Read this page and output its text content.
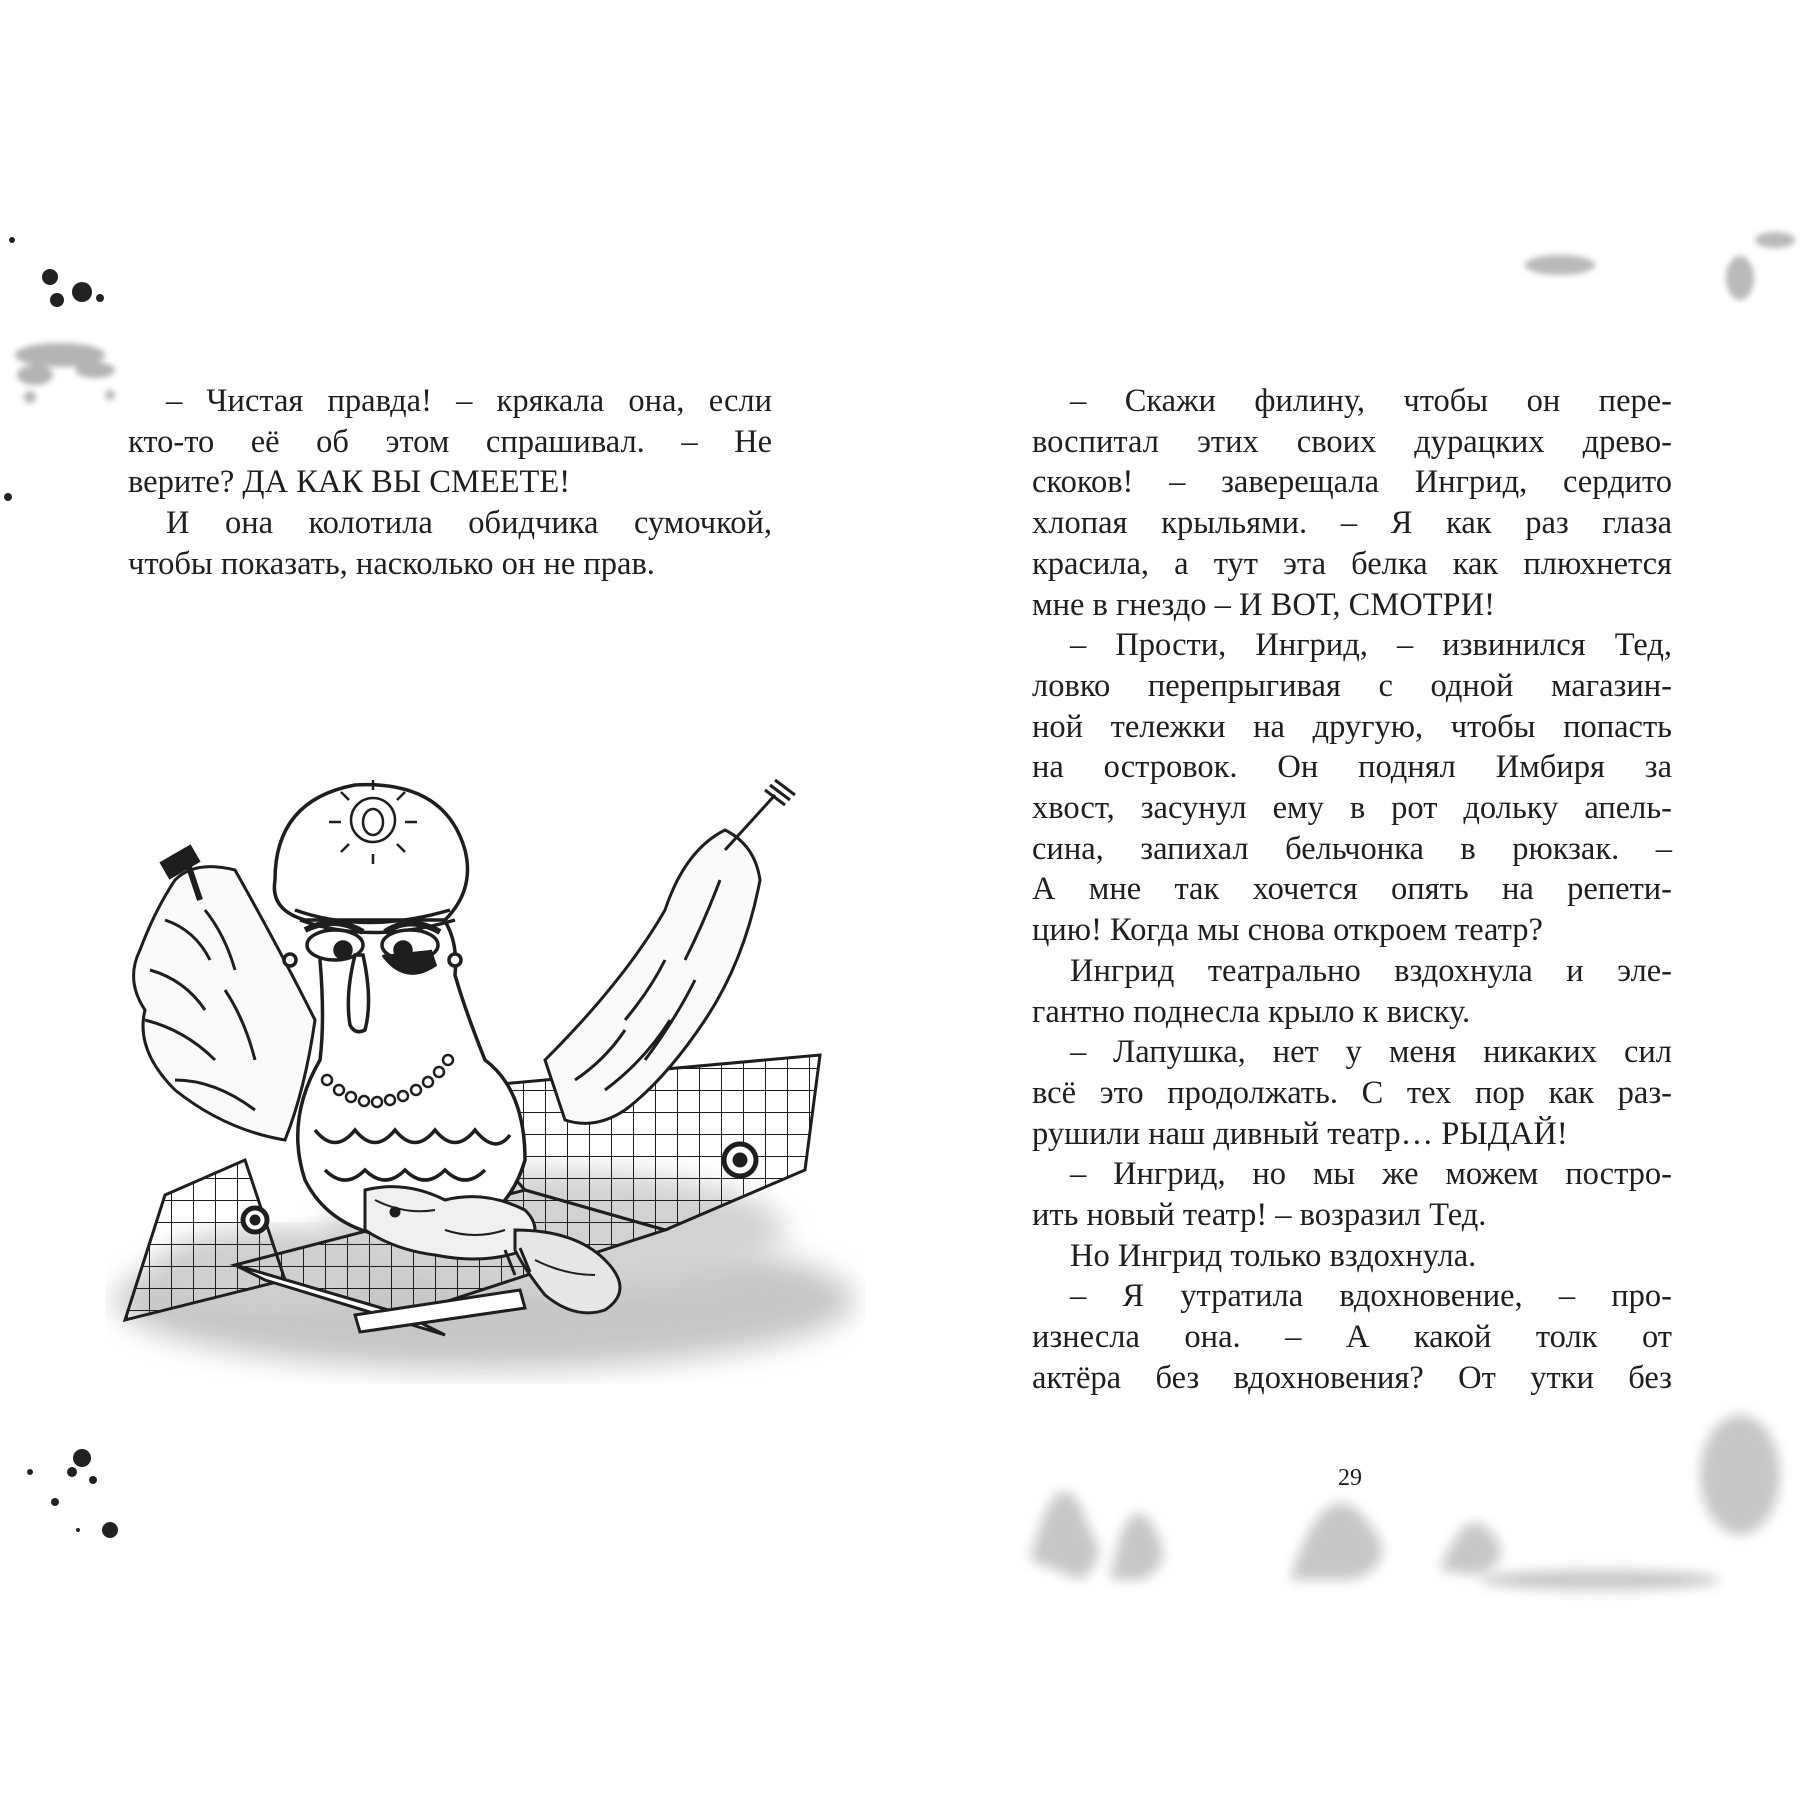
– Чистая правда! – крякала она, если
кто-то её об этом спрашивал. – Не
верите? ДА КАК ВЫ СМЕЕТЕ!
И она колотила обидчика сумочкой,
чтобы показать, насколько он не прав.
– Скажи филину, чтобы он пере-
воспитал этих своих дурацких древо-
скоков! – заверещала Ингрид, сердито
хлопая крыльями. – Я как раз глаза
красила, а тут эта белка как плюхнется
мне в гнездо – И ВОТ, СМОТРИ!
– Прости, Ингрид, – извинился Тед,
ловко перепрыгивая с одной магазин-
ной тележки на другую, чтобы попасть
на островок. Он поднял Имбиря за
хвост, засунул ему в рот дольку апель-
сина, запихал бельчонка в рюкзак. –
А мне так хочется опять на репети-
цию! Когда мы снова откроем театр?
Ингрид театрально вздохнула и эле-
гантно поднесла крыло к виску.
– Лапушка, нет у меня никаких сил
всё это продолжать. С тех пор как раз-
рушили наш дивный театр… РЫДАЙ!
– Ингрид, но мы же можем постро-
ить новый театр! – возразил Тед.
Но Ингрид только вздохнула.
– Я утратила вдохновение, – про-
изнесла она. – А какой толк от
актёра без вдохновения? От утки без
29
